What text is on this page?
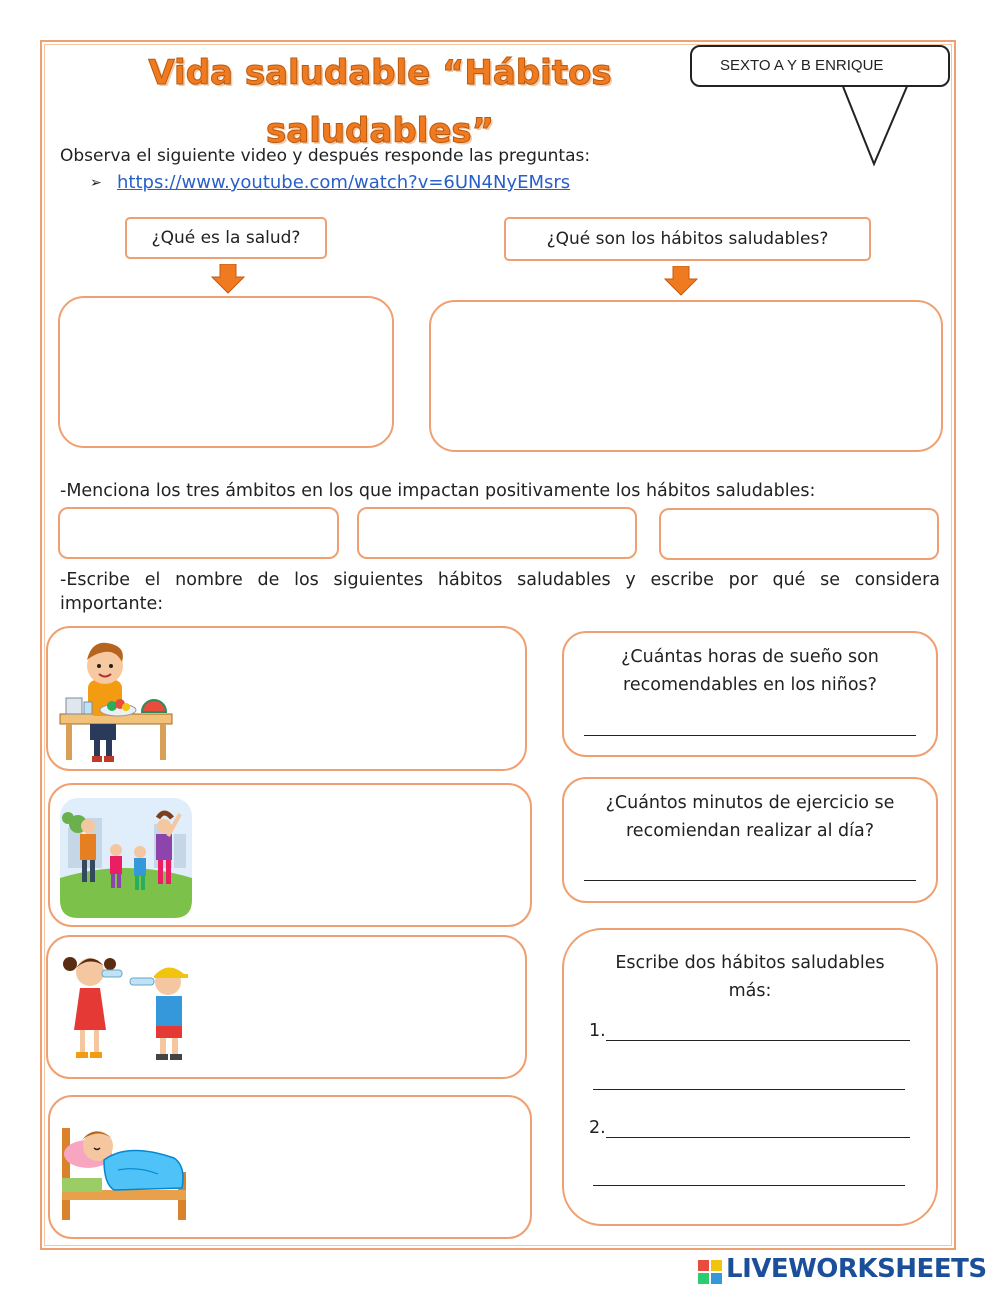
Vida saludable “Hábitos
saludables”
SEXTO A Y B ENRIQUE
Observa el siguiente video y después responde las preguntas:
➢ https://www.youtube.com/watch?v=6UN4NyEMsrs
¿Qué es la salud?	¿Qué son los hábitos saludables?
-Menciona los tres ámbitos en los que impactan positivamente los hábitos saludables:
-Escribe el nombre de los siguientes hábitos saludables y escribe por qué se considera
importante:
¿Cuántas horas de sueño son
recomendables en los niños?
¿Cuántos minutos de ejercicio se
recomiendan realizar al día?
Escribe dos hábitos saludables
más:
1.
2.
LIVEWORKSHEETS
